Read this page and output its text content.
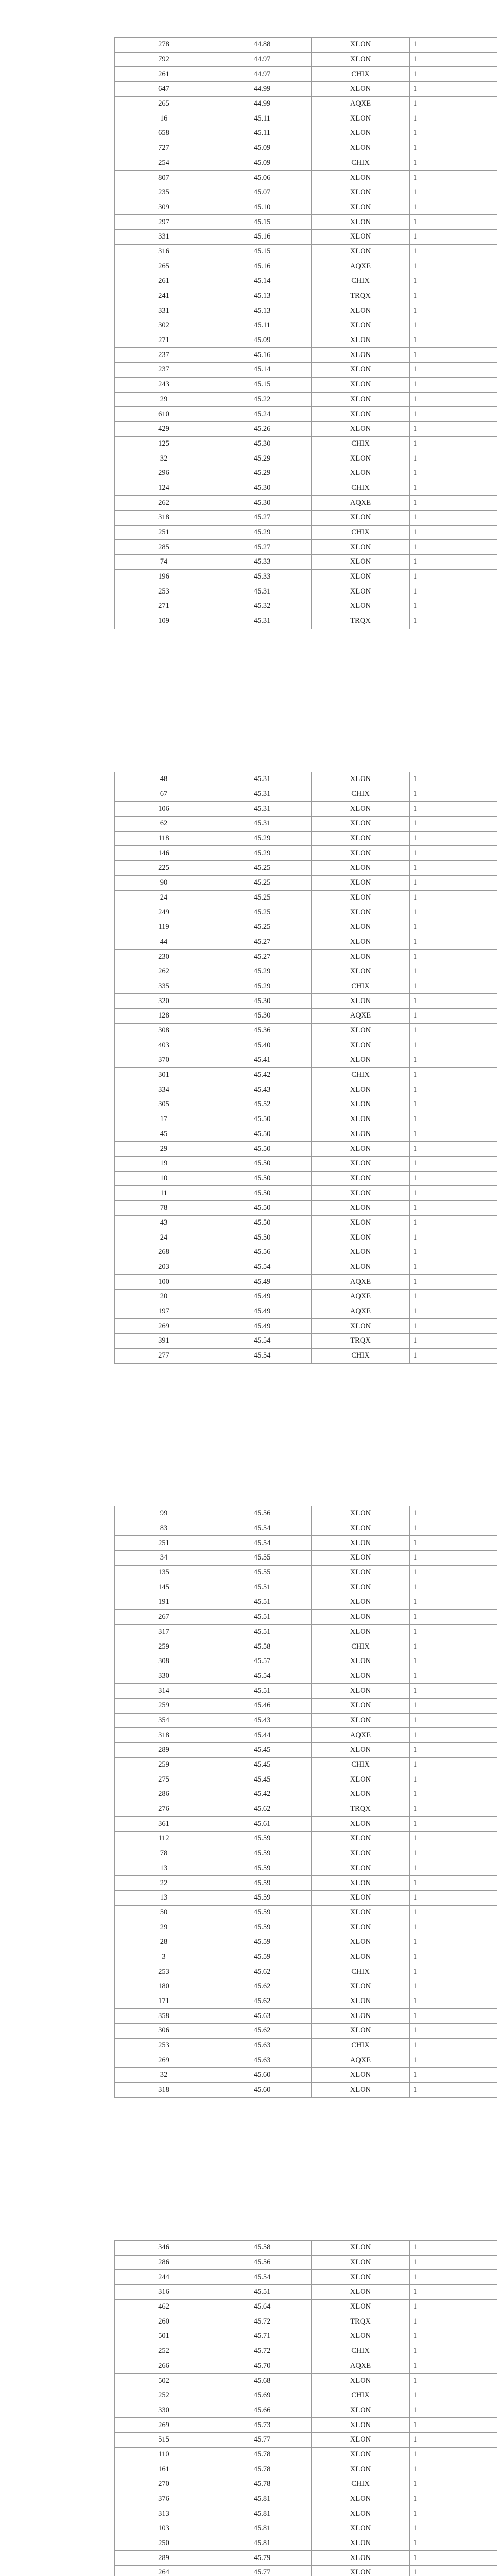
278	44.88	XLON	1
792	44.97	XLON	1
261	44.97	CHIX	1
647	44.99	XLON	1
265	44.99	AQXE	1
16	45.11	XLON	1
658	45.11	XLON	1
727	45.09	XLON	1
254	45.09	CHIX	1
807	45.06	XLON	1
235	45.07	XLON	1
309	45.10	XLON	1
297	45.15	XLON	1
331	45.16	XLON	1
316	45.15	XLON	1
265	45.16	AQXE	1
261	45.14	CHIX	1
241	45.13	TRQX	1
331	45.13	XLON	1
302	45.11	XLON	1
271	45.09	XLON	1
237	45.16	XLON	1
237	45.14	XLON	1
243	45.15	XLON	1
29	45.22	XLON	1
610	45.24	XLON	1
429	45.26	XLON	1
125	45.30	CHIX	1
32	45.29	XLON	1
296	45.29	XLON	1
124	45.30	CHIX	1
262	45.30	AQXE	1
318	45.27	XLON	1
251	45.29	CHIX	1
285	45.27	XLON	1
74	45.33	XLON	1
196	45.33	XLON	1
253	45.31	XLON	1
271	45.32	XLON	1
109	45.31	TRQX	1
48	45.31	XLON	1
67	45.31	CHIX	1
106	45.31	XLON	1
62	45.31	XLON	1
118	45.29	XLON	1
146	45.29	XLON	1
225	45.25	XLON	1
90	45.25	XLON	1
24	45.25	XLON	1
249	45.25	XLON	1
119	45.25	XLON	1
44	45.27	XLON	1
230	45.27	XLON	1
262	45.29	XLON	1
335	45.29	CHIX	1
320	45.30	XLON	1
128	45.30	AQXE	1
308	45.36	XLON	1
403	45.40	XLON	1
370	45.41	XLON	1
301	45.42	CHIX	1
334	45.43	XLON	1
305	45.52	XLON	1
17	45.50	XLON	1
45	45.50	XLON	1
29	45.50	XLON	1
19	45.50	XLON	1
10	45.50	XLON	1
11	45.50	XLON	1
78	45.50	XLON	1
43	45.50	XLON	1
24	45.50	XLON	1
268	45.56	XLON	1
203	45.54	XLON	1
100	45.49	AQXE	1
20	45.49	AQXE	1
197	45.49	AQXE	1
269	45.49	XLON	1
391	45.54	TRQX	1
277	45.54	CHIX	1
99	45.56	XLON	1
83	45.54	XLON	1
251	45.54	XLON	1
34	45.55	XLON	1
135	45.55	XLON	1
145	45.51	XLON	1
191	45.51	XLON	1
267	45.51	XLON	1
317	45.51	XLON	1
259	45.58	CHIX	1
308	45.57	XLON	1
330	45.54	XLON	1
314	45.51	XLON	1
259	45.46	XLON	1
354	45.43	XLON	1
318	45.44	AQXE	1
289	45.45	XLON	1
259	45.45	CHIX	1
275	45.45	XLON	1
286	45.42	XLON	1
276	45.62	TRQX	1
361	45.61	XLON	1
112	45.59	XLON	1
78	45.59	XLON	1
13	45.59	XLON	1
22	45.59	XLON	1
13	45.59	XLON	1
50	45.59	XLON	1
29	45.59	XLON	1
28	45.59	XLON	1
3	45.59	XLON	1
253	45.62	CHIX	1
180	45.62	XLON	1
171	45.62	XLON	1
358	45.63	XLON	1
306	45.62	XLON	1
253	45.63	CHIX	1
269	45.63	AQXE	1
32	45.60	XLON	1
318	45.60	XLON	1
346	45.58	XLON	1
286	45.56	XLON	1
244	45.54	XLON	1
316	45.51	XLON	1
462	45.64	XLON	1
260	45.72	TRQX	1
501	45.71	XLON	1
252	45.72	CHIX	1
266	45.70	AQXE	1
502	45.68	XLON	1
252	45.69	CHIX	1
330	45.66	XLON	1
269	45.73	XLON	1
515	45.77	XLON	1
110	45.78	XLON	1
161	45.78	XLON	1
270	45.78	CHIX	1
376	45.81	XLON	1
313	45.81	XLON	1
103	45.81	XLON	1
250	45.81	XLON	1
289	45.79	XLON	1
264	45.77	XLON	1
